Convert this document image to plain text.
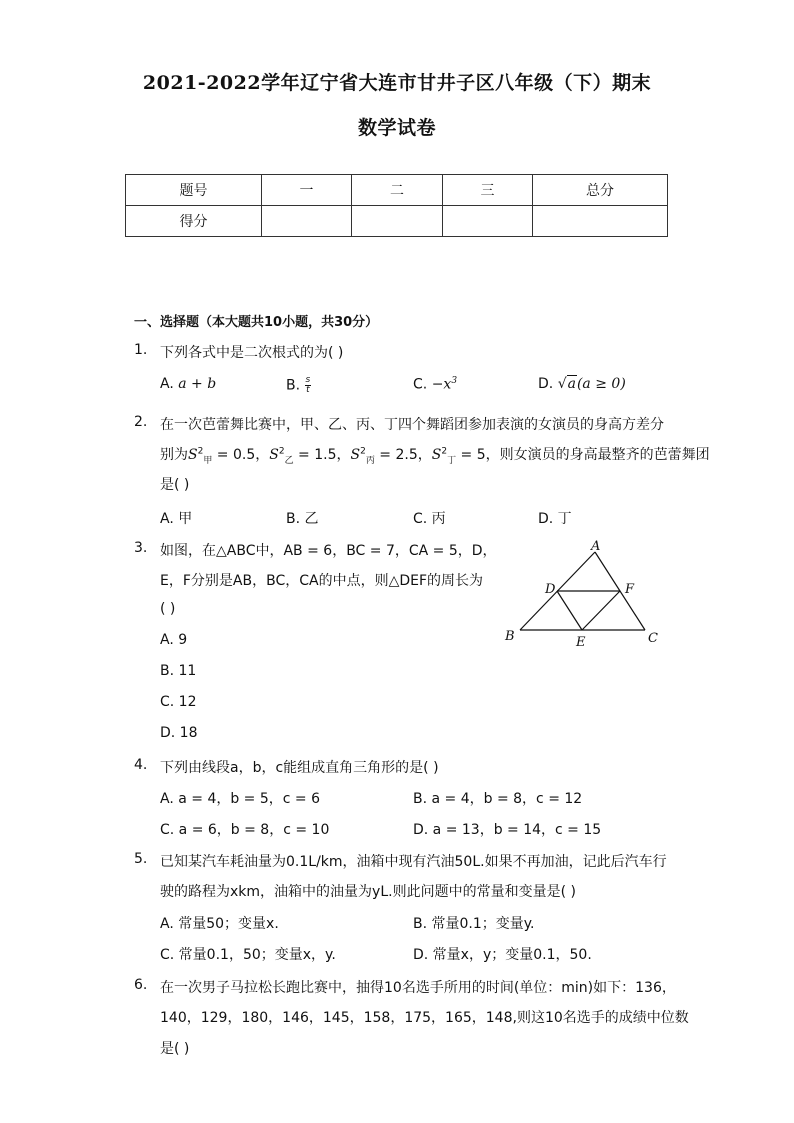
2021-2022学年辽宁省大连市甘井子区八年级（下）期末
数学试卷
题号	一	二	三	总分
得分				
一、选择题（本大题共10小题，共30分）
1. 下列各式中是二次根式的为( )
A. a + b	B. $\frac{s}{t}$	C. $-x^3$	D. √a(a ≥ 0)
2. 在一次芭蕾舞比赛中，甲、乙、丙、丁四个舞蹈团参加表演的女演员的身高方差分
别为$S^2_甲 = 0.5$，$S^2_乙 = 1.5$，$S^2_丙 = 2.5$，$S^2_丁 = 5$，则女演员的身高最整齐的芭蕾舞团
是( )
A. 甲	B. 乙	C. 丙	D. 丁
3. 如图，在△ABC中，AB = 6，BC = 7，CA = 5，D，
E，F分别是AB，BC，CA的中点，则△DEF的周长为
( )
A. 9
B. 11
C. 12
D. 18
A
B	C
D
E
F
4. 下列由线段a，b，c能组成直角三角形的是( )
A. a = 4，b = 5，c = 6	B. a = 4，b = 8，c = 12
C. a = 6，b = 8，c = 10	D. a = 13，b = 14，c = 15
5. 已知某汽车耗油量为0.1L/km，油箱中现有汽油50L.如果不再加油，记此后汽车行
驶的路程为xkm，油箱中的油量为yL.则此问题中的常量和变量是( )
A. 常量50；变量x.	B. 常量0.1；变量y.
C. 常量0.1，50；变量x，y.	D. 常量x，y；变量0.1，50.
6. 在一次男子马拉松长跑比赛中，抽得10名选手所用的时间(单位：min)如下：136，
140，129，180，146，145，158，175，165，148,则这10名选手的成绩中位数
是( )
